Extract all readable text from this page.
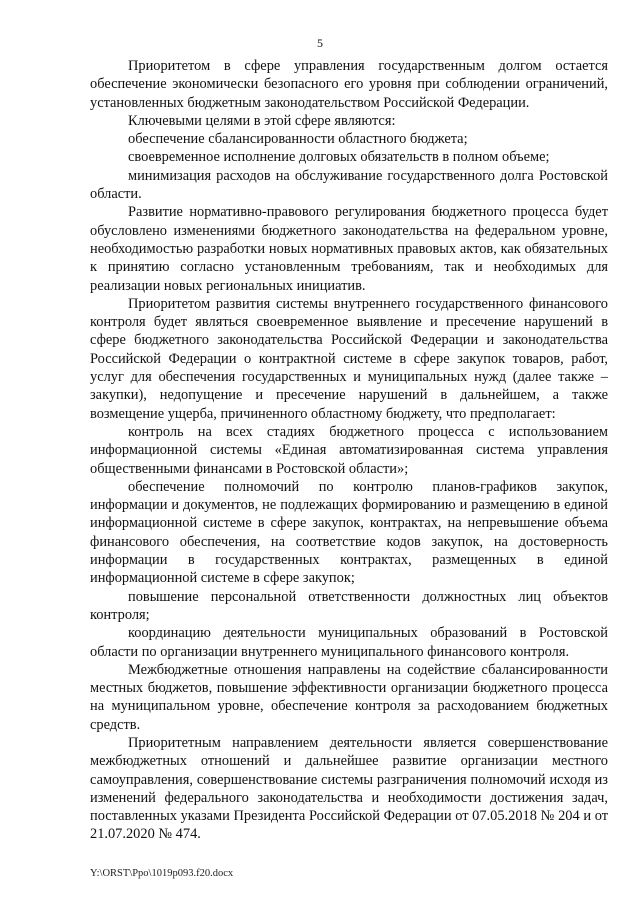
5

Приоритетом в сфере управления государственным долгом остается обеспечение экономически безопасного его уровня при соблюдении ограничений, установленных бюджетным законодательством Российской Федерации.

Ключевыми целями в этой сфере являются:

обеспечение сбалансированности областного бюджета;

своевременное исполнение долговых обязательств в полном объеме;

минимизация расходов на обслуживание государственного долга Ростовской области.

Развитие нормативно-правового регулирования бюджетного процесса будет обусловлено изменениями бюджетного законодательства на федеральном уровне, необходимостью разработки новых нормативных правовых актов, как обязательных к принятию согласно установленным требованиям, так и необходимых для реализации новых региональных инициатив.

Приоритетом развития системы внутреннего государственного финансового контроля будет являться своевременное выявление и пресечение нарушений в сфере бюджетного законодательства Российской Федерации и законодательства Российской Федерации о контрактной системе в сфере закупок товаров, работ, услуг для обеспечения государственных и муниципальных нужд (далее также – закупки), недопущение и пресечение нарушений в дальнейшем, а также возмещение ущерба, причиненного областному бюджету, что предполагает:

контроль на всех стадиях бюджетного процесса с использованием информационной системы «Единая автоматизированная система управления общественными финансами в Ростовской области»;

обеспечение полномочий по контролю планов-графиков закупок, информации и документов, не подлежащих формированию и размещению в единой информационной системе в сфере закупок, контрактах, на непревышение объема финансового обеспечения, на соответствие кодов закупок, на достоверность информации в государственных контрактах, размещенных в единой информационной системе в сфере закупок;

повышение персональной ответственности должностных лиц объектов контроля;

координацию деятельности муниципальных образований в Ростовской области по организации внутреннего муниципального финансового контроля.

Межбюджетные отношения направлены на содействие сбалансированности местных бюджетов, повышение эффективности организации бюджетного процесса на муниципальном уровне, обеспечение контроля за расходованием бюджетных средств.

Приоритетным направлением деятельности является совершенствование межбюджетных отношений и дальнейшее развитие организации местного самоуправления, совершенствование системы разграничения полномочий исходя из изменений федерального законодательства и необходимости достижения задач, поставленных указами Президента Российской Федерации от 07.05.2018 № 204 и от 21.07.2020 № 474.

Y:\ORST\Ppo\1019p093.f20.docx
